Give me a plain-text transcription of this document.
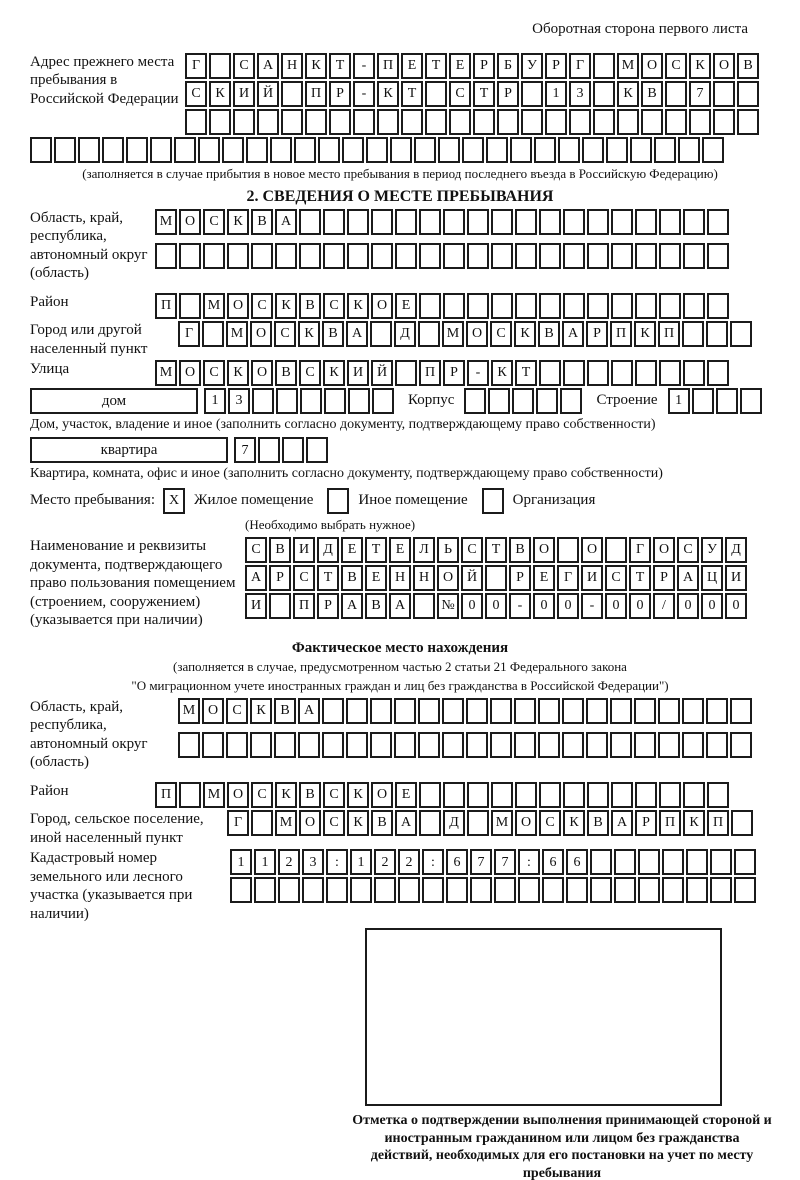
Оборотная сторона первого листа
Адрес прежнего места пребывания в Российской Федерации
Г	С	А Н	К	Т	-	П	Е	Т	Е	Р	Б	У	Р	Г	М О	С	К	О	В
С	К	И Й	П	Р	-	К	Т	С	Т	Р	1	3	К	В	7
(заполняется в случае прибытия в новое место пребывания в период последнего въезда в Российскую Федерацию)
2. СВЕДЕНИЯ О МЕСТЕ ПРЕБЫВАНИЯ
Область, край, республика, автономный округ (область)
М О	С	К	В	А
Район	П	М О	С	К	В	С	К	О	Е
Город или другой населенный пункт
Г	М О	С	К	В	А	Д	М О	С	К	В	А	Р	П	К	П
Улица	М О	С	К	О	В	С	К	И Й	П	Р	-	К	Т
дом	1	3	Корпус	Строение	1
Дом, участок, владение и иное (заполнить согласно документу, подтверждающему право собственности)
квартира	7
Квартира, комната, офис и иное (заполнить согласно документу, подтверждающему право собственности)
Место пребывания: X Жилое помещение	Иное помещение	Организация
(Необходимо выбрать нужное)
Наименование и реквизиты документа, подтверждающего право пользования помещением (строением, сооружением) (указывается при наличии)
С	В	И	Д	Е	Т	Е	Л	Ь	С	Т	В	О	О	Г	О	С	У	Д
А	Р	С	Т	В	Е	Н Н О Й	Р	Е	Г	И	С	Т	Р	А Ц И
И	П	Р	А	В	А	№ 0	0	-	0	0	-	0	0	/	0	0	0
Фактическое место нахождения
(заполняется в случае, предусмотренном частью 2 статьи 21 Федерального закона
"О миграционном учете иностранных граждан и лиц без гражданства в Российской Федерации")
Область, край, республика, автономный округ (область)
М О	С	К	В	А
Район	П	М О	С	К	В	С	К	О	Е
Город, сельское поселение, иной населенный пункт
Г	М О	С	К	В	А	Д	М О	С	К	В	А	Р	П	К	П
Кадастровый номер земельного или лесного участка (указывается при наличии)
1	1	2	3	:	1	2	2	:	6	7	7	:	6	6
Отметка о подтверждении выполнения принимающей стороной и иностранным гражданином или лицом без гражданства действий, необходимых для его постановки на учет по месту пребывания
